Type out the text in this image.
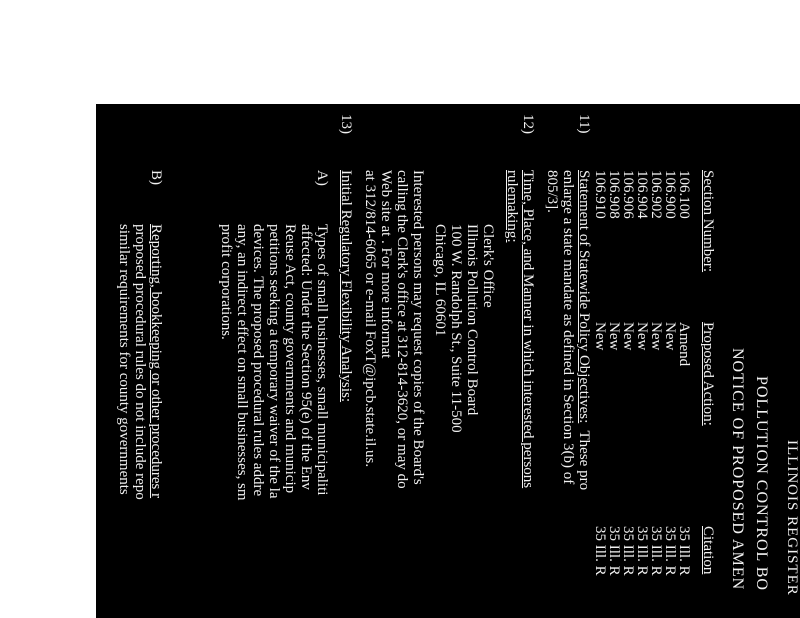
ILLINOIS REGISTER
POLLUTION CONTROL BO
NOTICE OF PROPOSED AMEN
Section Number:
Proposed Action:
Citation
106.100
Amend
35 Ill. R
106.900
New
35 Ill. R
106.902
New
35 Ill. R
106.904
New
35 Ill. R
106.906
New
35 Ill. R
106.908
New
35 Ill. R
106.910
New
35 Ill. R
11)
Statement of Statewide Policy Objectives:  These pro
enlarge a state mandate as defined in Section 3(b) of
805/3].
12)
Time, Place, and Manner in which interested persons
rulemaking:
Clerk's Office
Illinois Pollution Control Board
100 W. Randolph St., Suite 11-500
Chicago, IL 60601
Interested persons may request copies of the Board's
calling the Clerk's office at 312-814-3620, or may do
Web site at . For more informat
at 312/814-6065 or e-mail FoxT@ipcb.state.il.us.
13)
Initial Regulatory Flexibility Analysis:
A)
Types of small businesses, small municipaliti
affected: Under the Section 95(e) of the Env
Reuse Act, county governments and municip
petitions seeking a temporary waiver of the la
devices. The proposed procedural rules addre
any, an indirect effect on small businesses, sm
profit corporations.
B)
Reporting, bookkeeping or other procedures r
proposed procedural rules do not include repo
similar requirements for county governments
